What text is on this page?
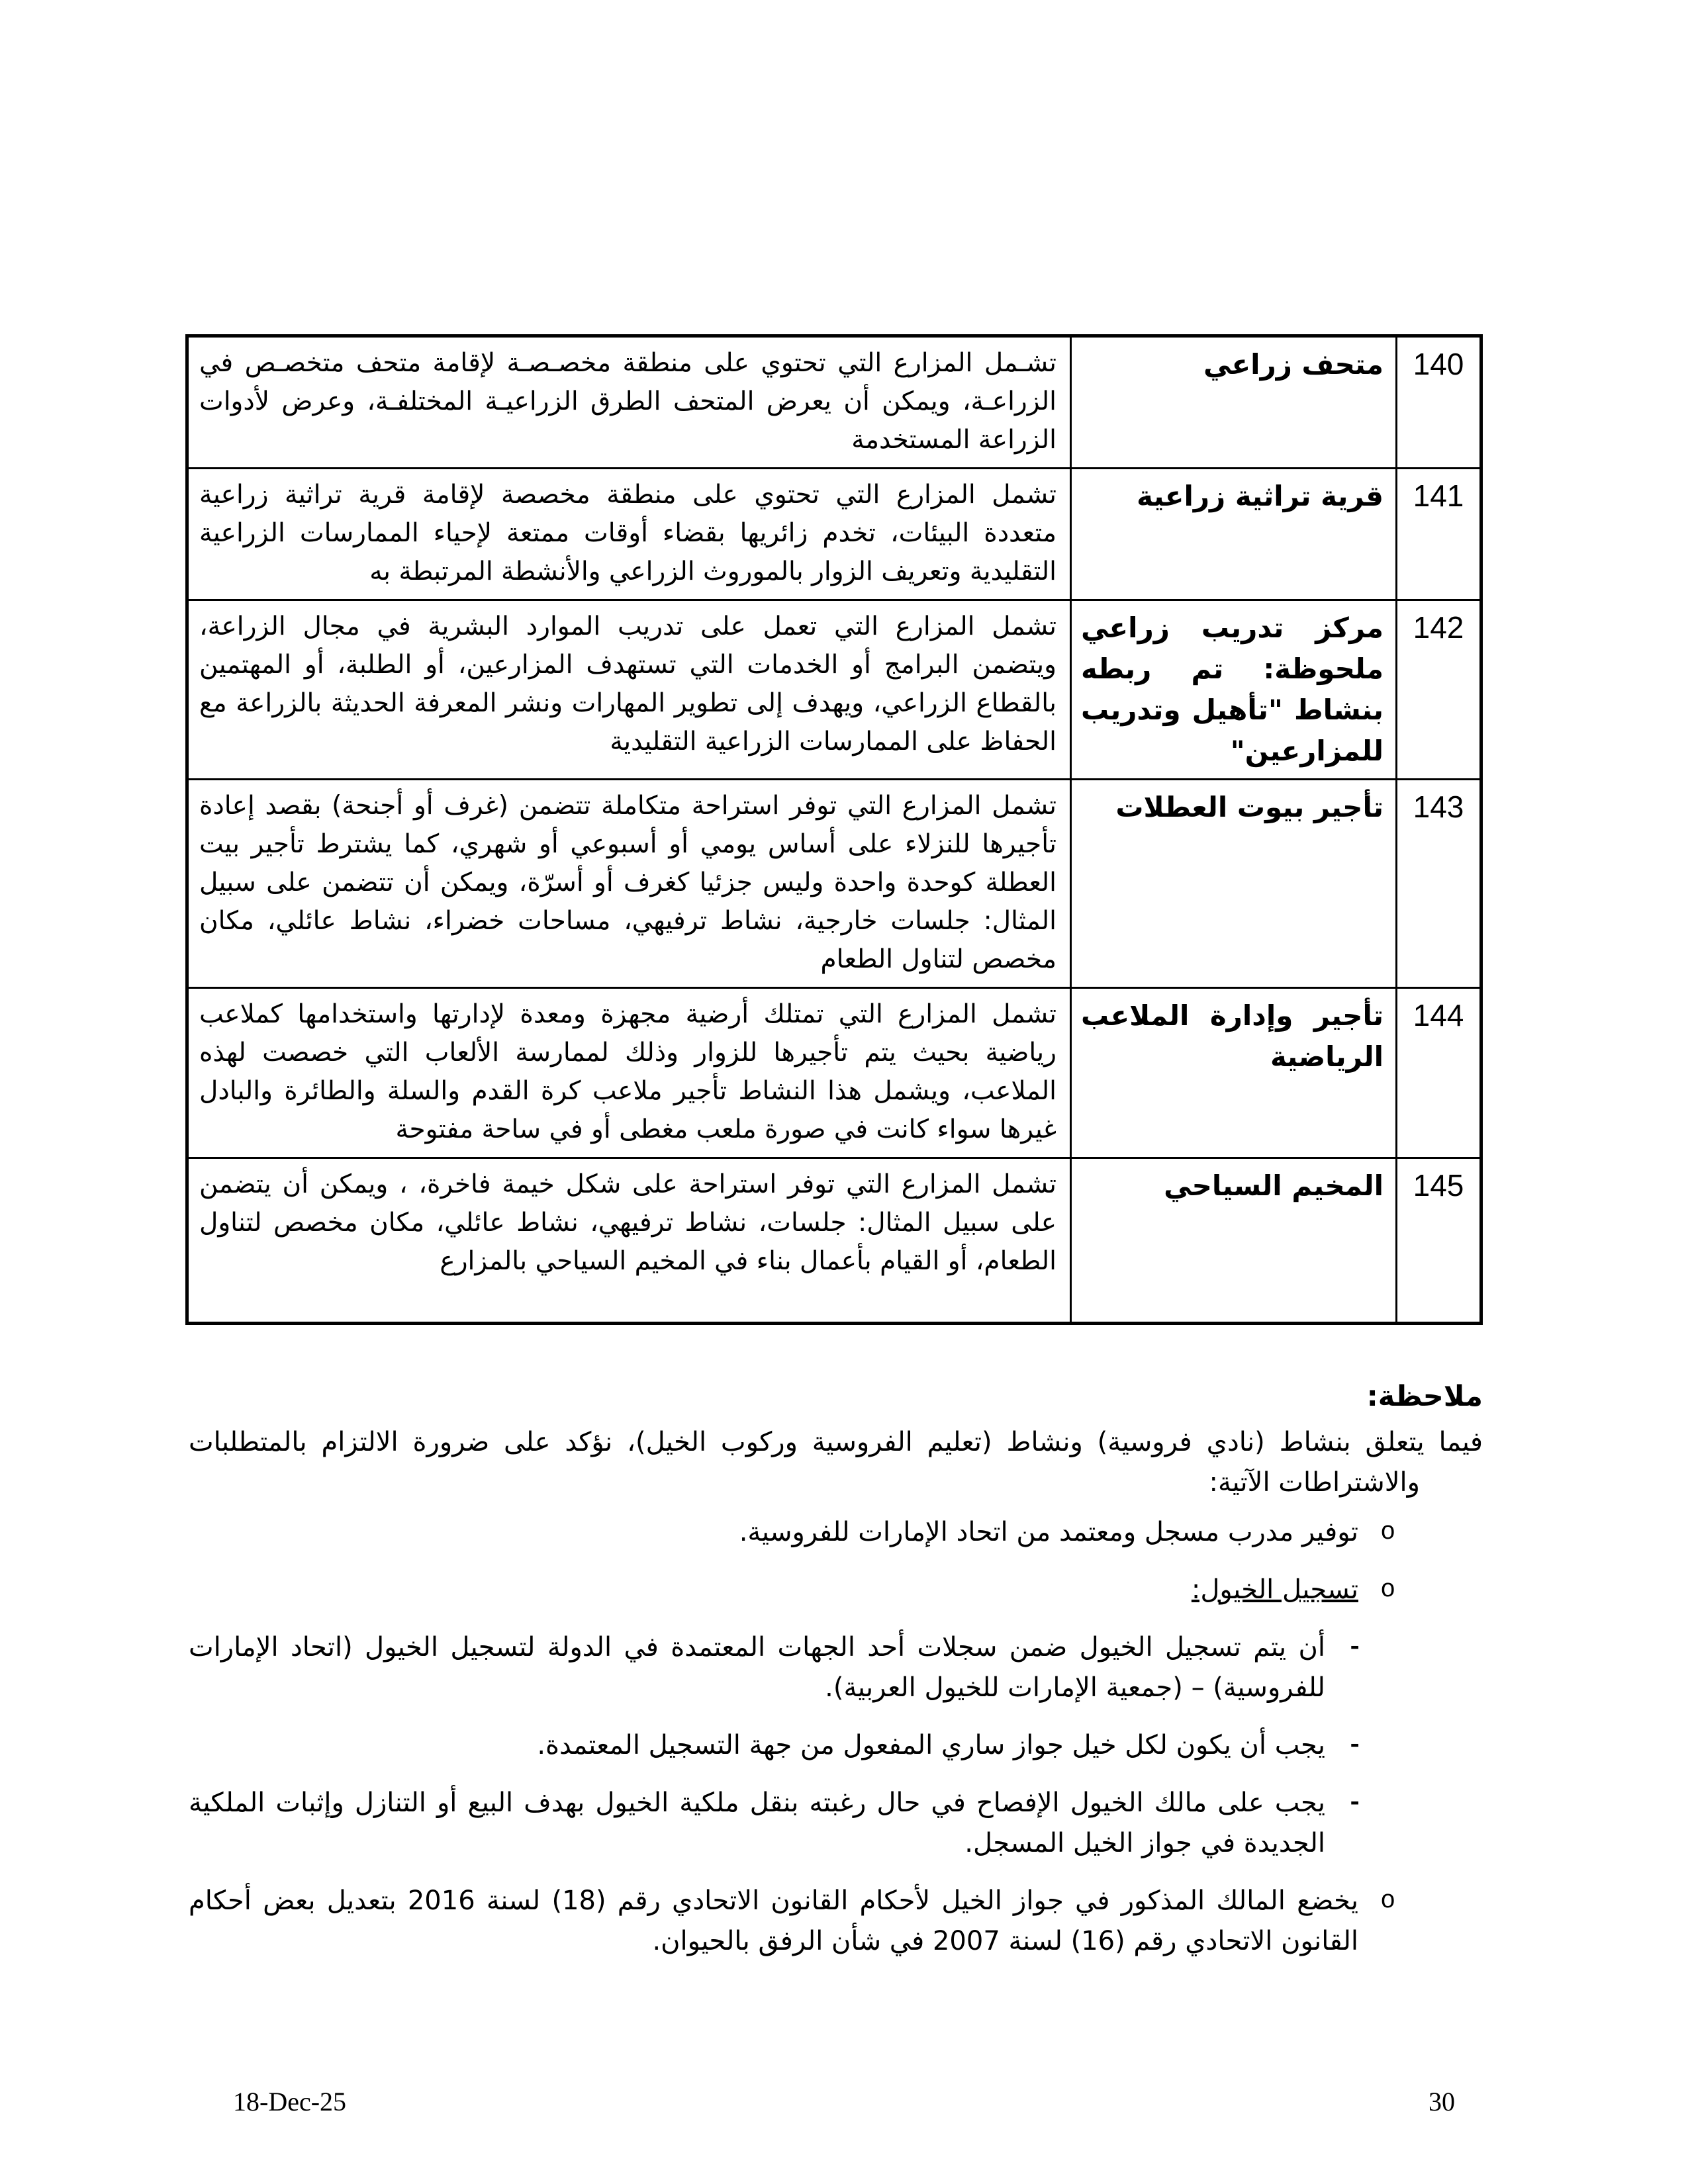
140	متحف زراعي	تشـمل المزارع التي تحتوي على منطقة مخصـصـة لإقامة متحف متخصـص في الزراعـة، ويمكن أن يعرض المتحف الطرق الزراعيـة المختلفـة، وعرض لأدوات الزراعة المستخدمة
141	قرية تراثية زراعية	تشمل المزارع التي تحتوي على منطقة مخصصة لإقامة قرية تراثية زراعية متعددة البيئات، تخدم زائريها بقضاء أوقات ممتعة لإحياء الممارسات الزراعية التقليدية وتعريف الزوار بالموروث الزراعي والأنشطة المرتبطة به
142	مركز تدريب زراعي ملحوظة: تم ربطه بنشاط "تأهيل وتدريب للمزارعين"	تشمل المزارع التي تعمل على تدريب الموارد البشرية في مجال الزراعة، ويتضمن البرامج أو الخدمات التي تستهدف المزارعين، أو الطلبة، أو المهتمين بالقطاع الزراعي، ويهدف إلى تطوير المهارات ونشر المعرفة الحديثة بالزراعة مع الحفاظ على الممارسات الزراعية التقليدية
143	تأجير بيوت العطلات	تشمل المزارع التي توفر استراحة متكاملة تتضمن (غرف أو أجنحة) بقصد إعادة تأجيرها للنزلاء على أساس يومي أو أسبوعي أو شهري، كما يشترط تأجير بيت العطلة كوحدة واحدة وليس جزئيا كغرف أو أسرّة، ويمكن أن تتضمن على سبيل المثال: جلسات خارجية، نشاط ترفيهي، مساحات خضراء، نشاط عائلي، مكان مخصص لتناول الطعام
144	تأجير وإدارة الملاعب الرياضية	تشمل المزارع التي تمتلك أرضية مجهزة ومعدة لإدارتها واستخدامها كملاعب رياضية بحيث يتم تأجيرها للزوار وذلك لممارسة الألعاب التي خصصت لهذه الملاعب، ويشمل هذا النشاط تأجير ملاعب كرة القدم والسلة والطائرة والبادل غيرها سواء كانت في صورة ملعب مغطى أو في ساحة مفتوحة
145	المخيم السياحي	تشمل المزارع التي توفر استراحة على شكل خيمة فاخرة، ، ويمكن أن يتضمن على سبيل المثال: جلسات، نشاط ترفيهي، نشاط عائلي، مكان مخصص لتناول الطعام، أو القيام بأعمال بناء في المخيم السياحي بالمزارع
ملاحظة:
فيما يتعلق بنشاط (نادي فروسية) ونشاط (تعليم الفروسية وركوب الخيل)، نؤكد على ضرورة الالتزام بالمتطلبات والاشتراطات الآتية:
o
توفير مدرب مسجل ومعتمد من اتحاد الإمارات للفروسية.
o
تسجيل الخيول:
-
أن يتم تسجيل الخيول ضمن سجلات أحد الجهات المعتمدة في الدولة لتسجيل الخيول (اتحاد الإمارات للفروسية) – (جمعية الإمارات للخيول العربية).
-
يجب أن يكون لكل خيل جواز ساري المفعول من جهة التسجيل المعتمدة.
-
يجب على مالك الخيول الإفصاح في حال رغبته بنقل ملكية الخيول بهدف البيع أو التنازل وإثبات الملكية الجديدة في جواز الخيل المسجل.
o
يخضع المالك المذكور في جواز الخيل لأحكام القانون الاتحادي رقم (18) لسنة 2016 بتعديل بعض أحكام القانون الاتحادي رقم (16) لسنة 2007 في شأن الرفق بالحيوان.
18-Dec-25	30
